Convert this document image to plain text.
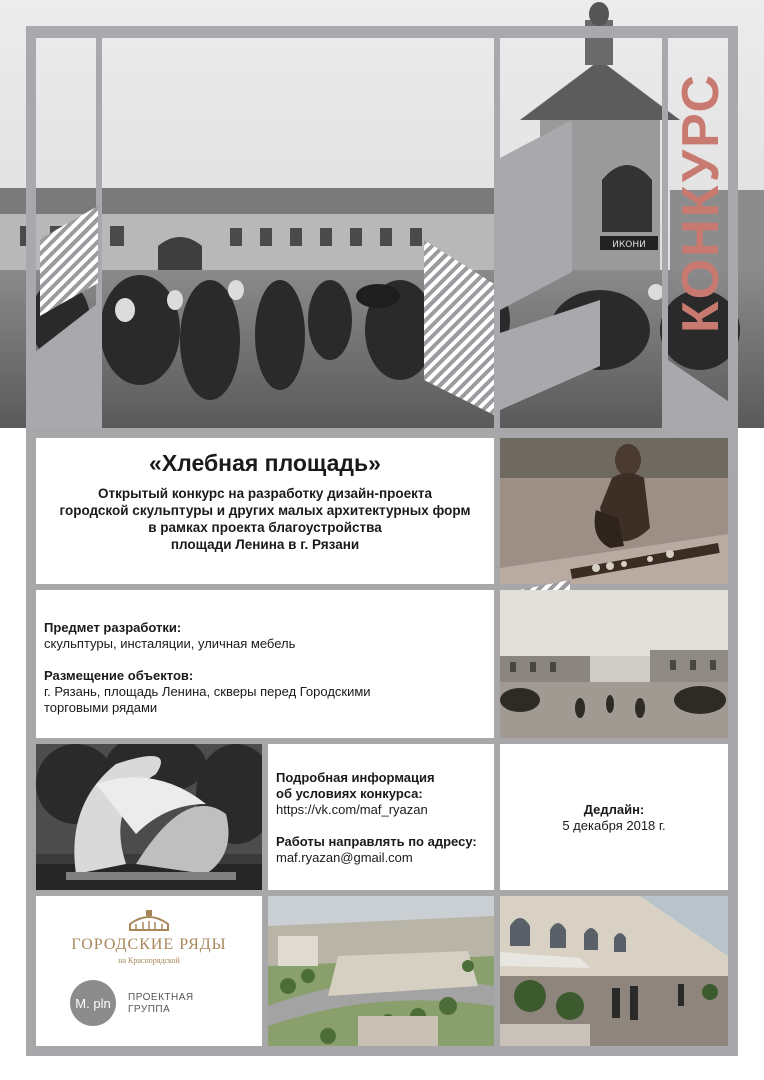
ИКОНИ КОНКУРС
«Хлебная площадь»

Открытый конкурс на разработку дизайн-проекта

городской скульптуры и других малых архитектурных форм

в рамках проекта благоустройства

площади Ленина в г. Рязани

Предмет разработки:

скульптуры, инсталяции, уличная мебель

Размещение объектов:

г. Рязань, площадь Ленина, скверы перед Городскими

торговыми рядами

Подробная информация

об условиях конкурса:

https://vk.com/maf_ryazan

Работы направлять по адресу:

maf.ryazan@gmail.com

Дедлайн:

5 декабря 2018 г.

ГОРОДСКИЕ РЯДЫ
на Краснорядской
M. pln ПРОЕКТНАЯ
ГРУППА
